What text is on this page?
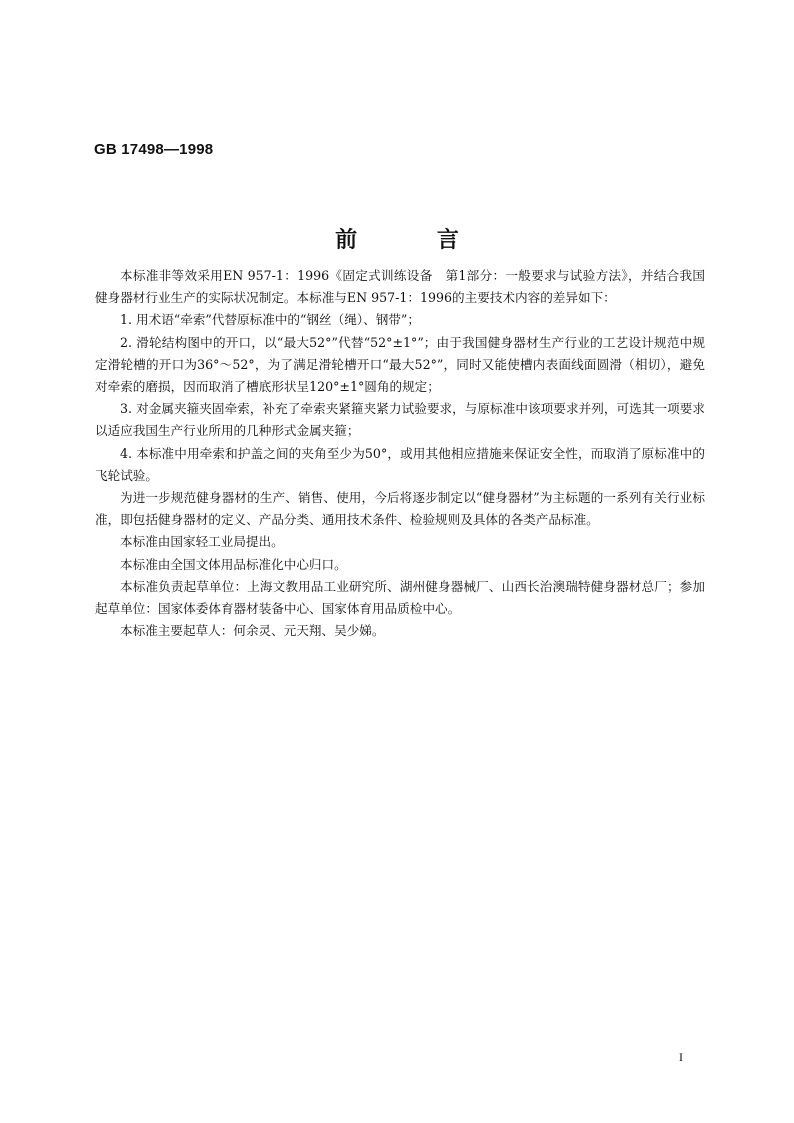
GB 17498—1998
前 言

本标准非等效采用EN 957-1：1996《固定式训练设备　第1部分：一般要求与试验方法》，并结合我国健身器材行业生产的实际状况制定。本标准与EN 957-1：1996的主要技术内容的差异如下：

1. 用术语“牵索”代替原标准中的“钢丝（绳）、钢带”；

2. 滑轮结构图中的开口，以“最大52°”代替“52°±1°”；由于我国健身器材生产行业的工艺设计规范中规定滑轮槽的开口为36°～52°，为了满足滑轮槽开口“最大52°”，同时又能使槽内表面线面圆滑（相切），避免对牵索的磨损，因而取消了槽底形状呈120°±1°圆角的规定；

3. 对金属夹箍夹固牵索，补充了牵索夹紧箍夹紧力试验要求，与原标准中该项要求并列，可选其一项要求以适应我国生产行业所用的几种形式金属夹箍；

4. 本标准中用牵索和护盖之间的夹角至少为50°，或用其他相应措施来保证安全性，而取消了原标准中的飞轮试验。

为进一步规范健身器材的生产、销售、使用，今后将逐步制定以“健身器材”为主标题的一系列有关行业标准，即包括健身器材的定义、产品分类、通用技术条件、检验规则及具体的各类产品标准。

本标准由国家轻工业局提出。

本标准由全国文体用品标准化中心归口。

本标准负责起草单位：上海文教用品工业研究所、湖州健身器械厂、山西长治澳瑞特健身器材总厂；参加起草单位：国家体委体育器材装备中心、国家体育用品质检中心。

本标准主要起草人：何余灵、元天翔、吴少娣。

I
